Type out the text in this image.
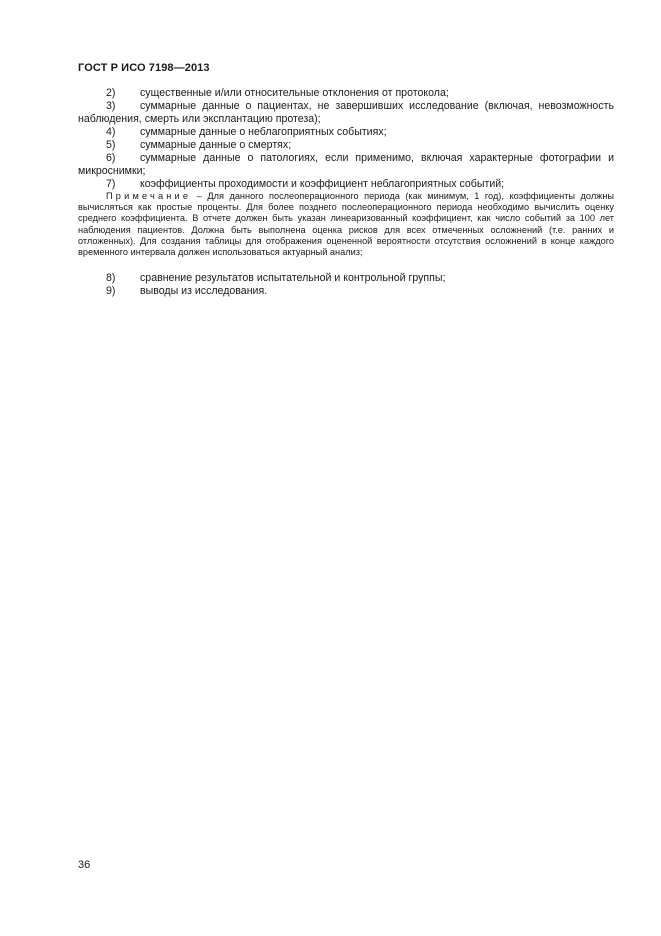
ГОСТ Р ИСО 7198—2013

2) существенные и/или относительные отклонения от протокола;

3) суммарные данные о пациентах, не завершивших исследование (включая, невозможность наблюдения, смерть или эксплантацию протеза);

4) суммарные данные о неблагоприятных событиях;

5) суммарные данные о смертях;

6) суммарные данные о патологиях, если применимо, включая характерные фотографии и микроснимки;

7) коэффициенты проходимости и коэффициент неблагоприятных событий;

Примечание – Для данного послеоперационного периода (как минимум, 1 год), коэффициенты должны вычисляться как простые проценты. Для более позднего послеоперационного периода необходимо вычислить оценку среднего коэффициента. В отчете должен быть указан линеаризованный коэффициент, как число событий за 100 лет наблюдения пациентов. Должна быть выполнена оценка рисков для всех отмеченных осложнений (т.е. ранних и отложенных). Для создания таблицы для отображения оцененной вероятности отсутствия осложнений в конце каждого временного интервала должен использоваться актуарный анализ;

8) сравнение результатов испытательной и контрольной группы;

9) выводы из исследования.

36
